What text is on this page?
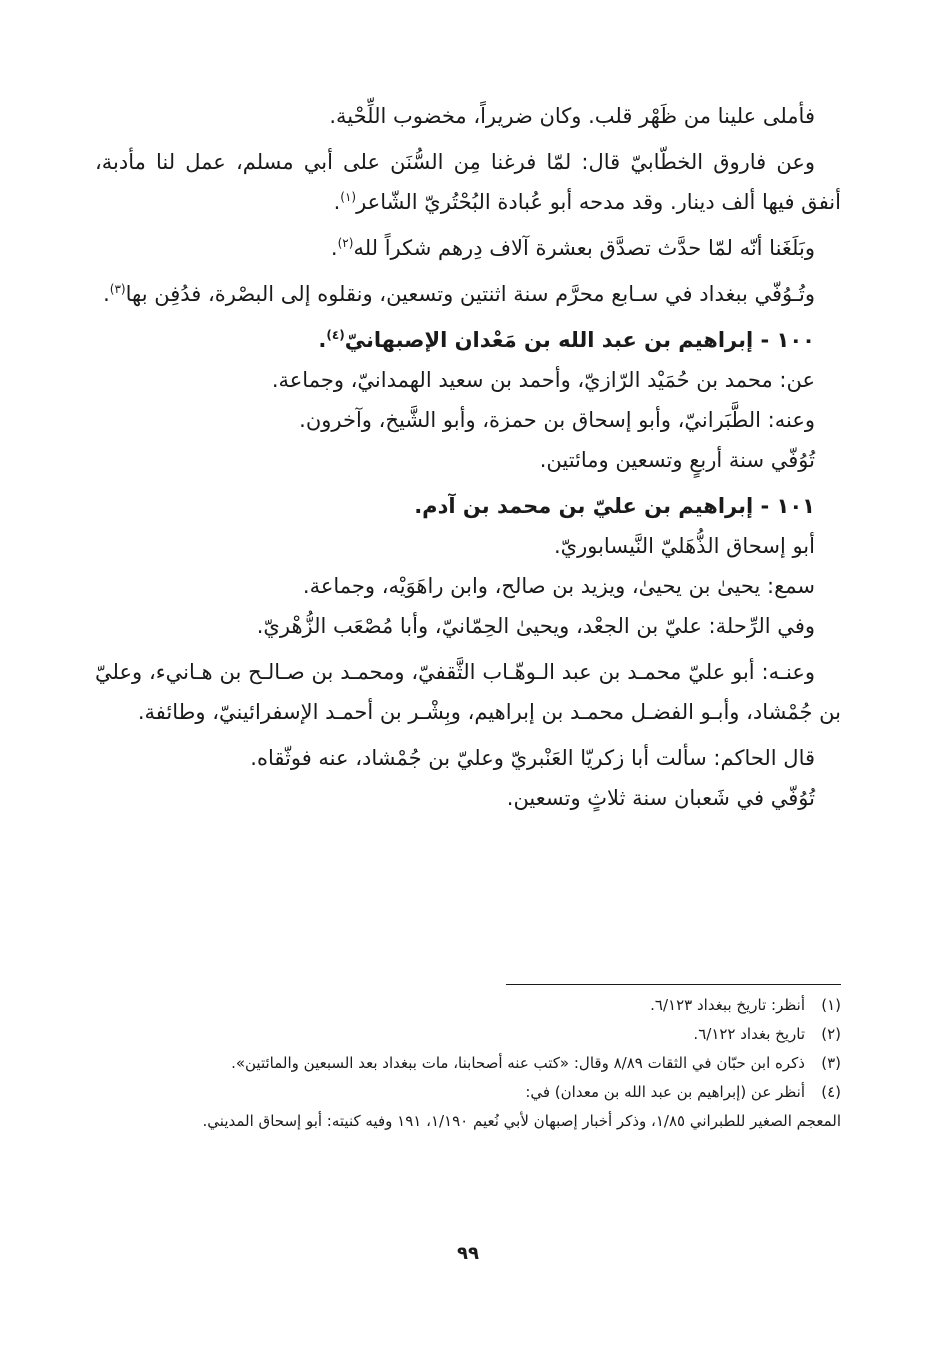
فأملى علينا من ظَهْر قلب. وكان ضريراً، مخضوب اللِّحْية.

وعن فاروق الخطّابيّ قال: لمّا فرغنا مِن السُّنَن على أبي مسلم، عمل لنا مأدبة، أنفق فيها ألف دينار. وقد مدحه أبو عُبادة البُحْتُريّ الشّاعر$^{(١)}$.

وبَلَغَنا أنّه لمّا حدَّث تصدَّق بعشرة آلاف دِرهم شكراً لله$^{(٢)}$.

وتُـوُفّي ببغداد في سـابع محرَّم سنة اثنتين وتسعين، ونقلوه إلى البصْرة، فدُفِن بها$^{(٣)}$.

١٠٠ - إبراهيم بن عبد الله بن مَعْدان الإصبهانيّ$^{(٤)}$.
عن: محمد بن حُمَيْد الرّازيّ، وأحمد بن سعيد الهمدانيّ، وجماعة.
وعنه: الطَّبَرانيّ، وأبو إسحاق بن حمزة، وأبو الشَّيخ، وآخرون.
تُوُفّي سنة أربعٍ وتسعين ومائتين.
١٠١ - إبراهيم بن عليّ بن محمد بن آدم.
أبو إسحاق الذُّهَليّ النَّيسابوريّ.
سمع: يحيىٰ بن يحيىٰ، ويزيد بن صالح، وابن راهَوَيْه، وجماعة.
وفي الرِّحلة: عليّ بن الجعْد، ويحيىٰ الحِمّانيّ، وأبا مُصْعَب الزُّهْريّ.

وعنـه: أبو عليّ محمـد بن عبد الـوهّـاب الثَّقفيّ، ومحمـد بن صـالـح بن هـانيء، وعليّ بن جُمْشاد، وأبـو الفضـل محمـد بن إبراهيم، وبِشْـر بن أحمـد الإسفرائينيّ، وطائفة.

قال الحاكم: سألت أبا زكريّا العَنْبريّ وعليّ بن جُمْشاد، عنه فوثّقاه.
تُوُفّي في شَعبان سنة ثلاثٍ وتسعين.
(١)
أنظر: تاريخ ببغداد ٦/١٢٣.
(٢)
تاريخ بغداد ٦/١٢٢.
(٣)
ذكره ابن حبّان في الثقات ٨/٨٩ وقال: «كتب عنه أصحابنا، مات ببغداد بعد السبعين والمائتين».
(٤)
أنظر عن (إبراهيم بن عبد الله بن معدان) في:
المعجم الصغير للطبراني ١/٨٥، وذكر أخبار إصبهان لأبي نُعيم ١/١٩٠، ١٩١ وفيه كنيته: أبو إسحاق المديني.
٩٩
